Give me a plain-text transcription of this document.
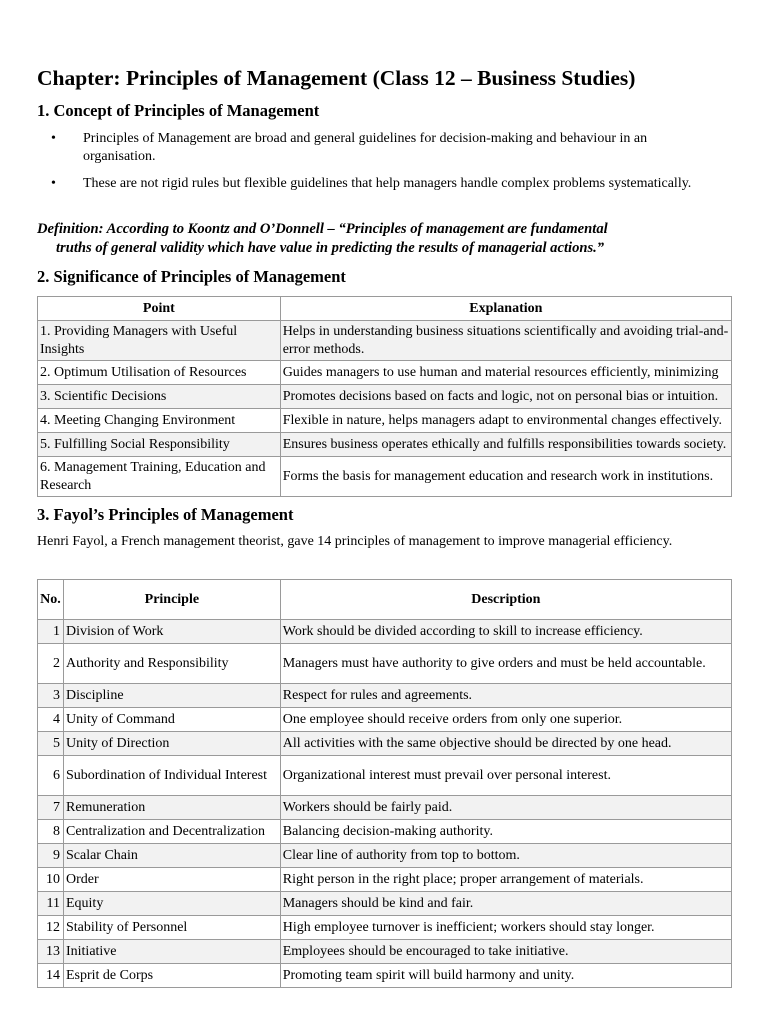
Chapter: Principles of Management (Class 12 – Business Studies)
1. Concept of Principles of Management
• Principles of Management are broad and general guidelines for decision-making and behaviour in an organisation.
• These are not rigid rules but flexible guidelines that help managers handle complex problems systematically.
Definition: According to Koontz and O’Donnell – “Principles of management are fundamental
truths of general validity which have value in predicting the results of managerial actions.”
2. Significance of Principles of Management
Point	Explanation
1. Providing Managers with Useful Insights	Helps in understanding business situations scientifically and avoiding trial-and-error methods.
2. Optimum Utilisation of Resources	Guides managers to use human and material resources efficiently, minimizing

3. Scientific Decisions	Promotes decisions based on facts and logic, not on personal bias or intuition.

4. Meeting Changing Environment	Flexible in nature, helps managers adapt to environmental changes effectively.

5. Fulfilling Social Responsibility	Ensures business operates ethically and fulfills responsibilities towards society.

6. Management Training, Education and Research	Forms the basis for management education and research work in institutions.
3. Fayol’s Principles of Management
Henri Fayol, a French management theorist, gave 14 principles of management to improve managerial efficiency.
No.	Principle	Description
1	Division of Work	Work should be divided according to skill to increase efficiency.
2	Authority and Responsibility	Managers must have authority to give orders and must be held accountable.
3	Discipline	Respect for rules and agreements.
4	Unity of Command	One employee should receive orders from only one superior.
5	Unity of Direction	All activities with the same objective should be directed by one head.

6	Subordination of Individual Interest	Organizational interest must prevail over personal interest.
7	Remuneration	Workers should be fairly paid.
8	Centralization and Decentralization	Balancing decision-making authority.
9	Scalar Chain	Clear line of authority from top to bottom.
10	Order	Right person in the right place; proper arrangement of materials.
11	Equity	Managers should be kind and fair.
12	Stability of Personnel	High employee turnover is inefficient; workers should stay longer.
13	Initiative	Employees should be encouraged to take initiative.
14	Esprit de Corps	Promoting team spirit will build harmony and unity.
